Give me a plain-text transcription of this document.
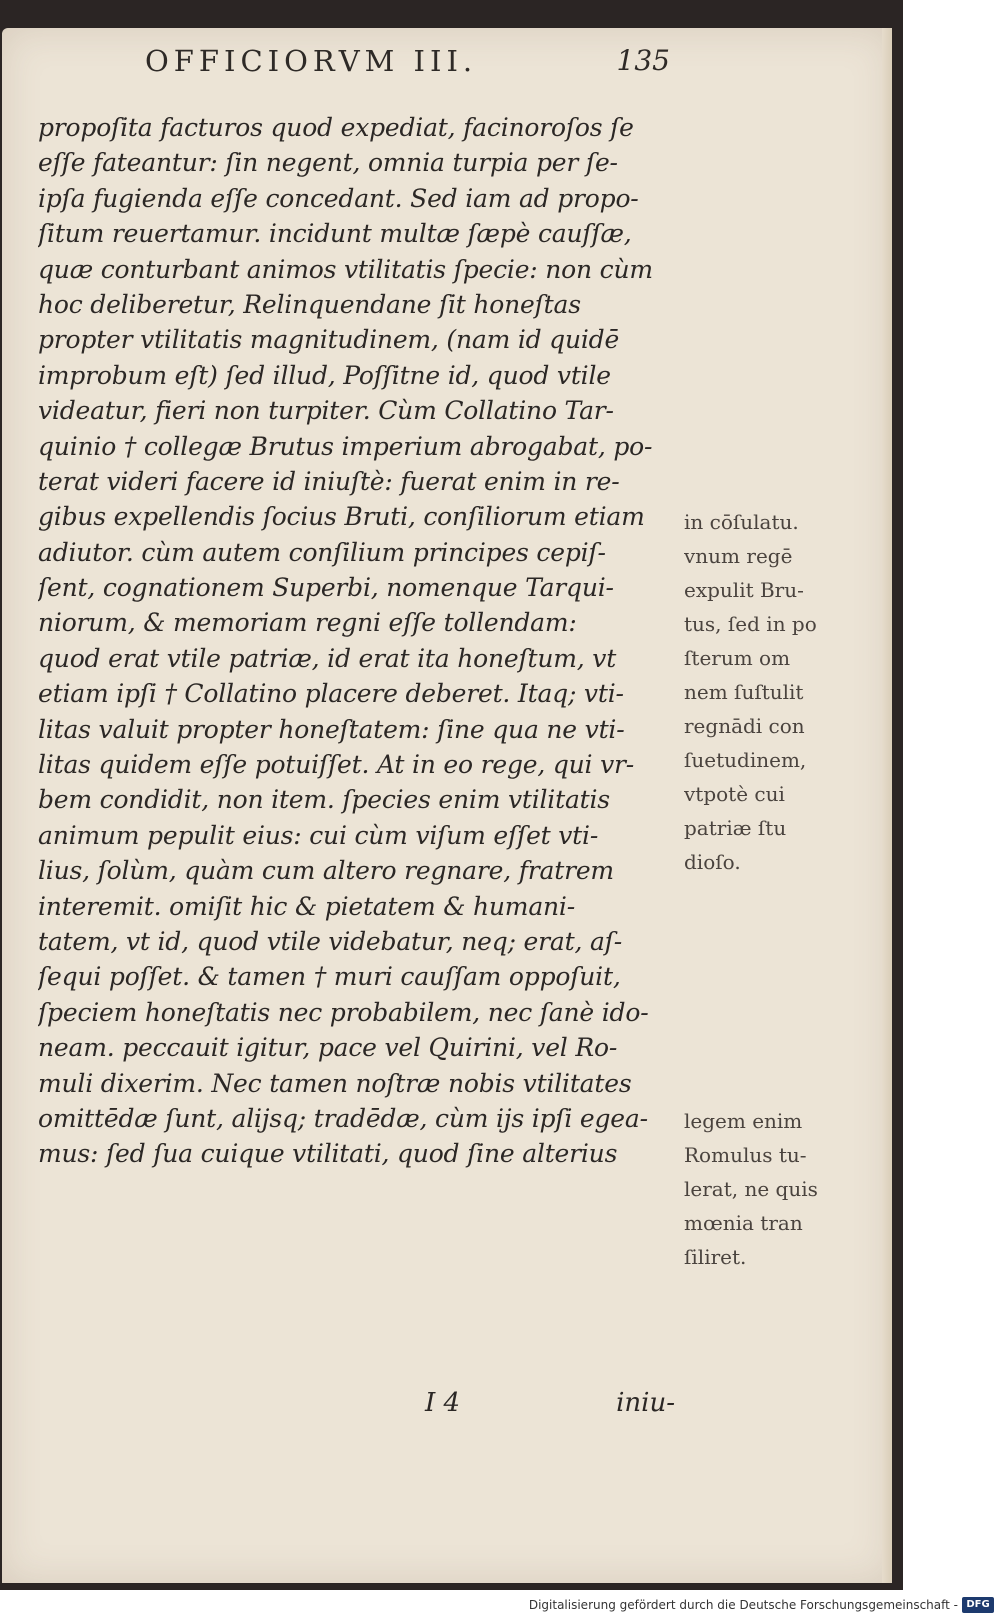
OFFICIORVM III.	135
propoſita facturos quod expediat, facinoroſos ſe
eſſe fateantur: ſin negent, omnia turpia per ſe-
ipſa fugienda eſſe concedant. Sed iam ad propo-
ſitum reuertamur. incidunt multæ ſæpè cauſſæ,
quæ conturbant animos vtilitatis ſpecie: non cùm
hoc deliberetur, Relinquendane ſit honeſtas
propter vtilitatis magnitudinem, (nam id quidē
improbum eſt) ſed illud, Poſſitne id, quod vtile
videatur, fieri non turpiter. Cùm Collatino Tar-
quinio † collegæ Brutus imperium abrogabat, po-
terat videri facere id iniuſtè: fuerat enim in re-
gibus expellendis ſocius Bruti, conſiliorum etiam
adiutor. cùm autem conſilium principes cepiſ-
ſent, cognationem Superbi, nomenque Tarqui-
niorum, & memoriam regni eſſe tollendam:
quod erat vtile patriæ, id erat ita honeſtum, vt
etiam ipſi † Collatino placere deberet. Itaq; vti-
litas valuit propter honeſtatem: ſine qua ne vti-
litas quidem eſſe potuiſſet. At in eo rege, qui vr-
bem condidit, non item. ſpecies enim vtilitatis
animum pepulit eius: cui cùm viſum eſſet vti-
lius, ſolùm, quàm cum altero regnare, fratrem
interemit. omiſit hic & pietatem & humani-
tatem, vt id, quod vtile videbatur, neq; erat, aſ-
ſequi poſſet. & tamen † muri cauſſam oppoſuit,
ſpeciem honeſtatis nec probabilem, nec ſanè ido-
neam. peccauit igitur, pace vel Quirini, vel Ro-
muli dixerim. Nec tamen noſtræ nobis vtilitates
omittēdæ ſunt, alijsq; tradēdæ, cùm ijs ipſi egea-
mus: ſed ſua cuique vtilitati, quod ſine alterius
I 4	iniu-
in cōſulatu.
vnum regē
expulit Bru-
tus, ſed in po
ſterum om
nem ſuſtulit
regnādi con
ſuetudinem,
vtpotè cui
patriæ ſtu
dioſo.
legem enim
Romulus tu-
lerat, ne quis
mœnia tran
ſiliret.
Digitalisierung gefördert durch die Deutsche Forschungsgemeinschaft - DFG
